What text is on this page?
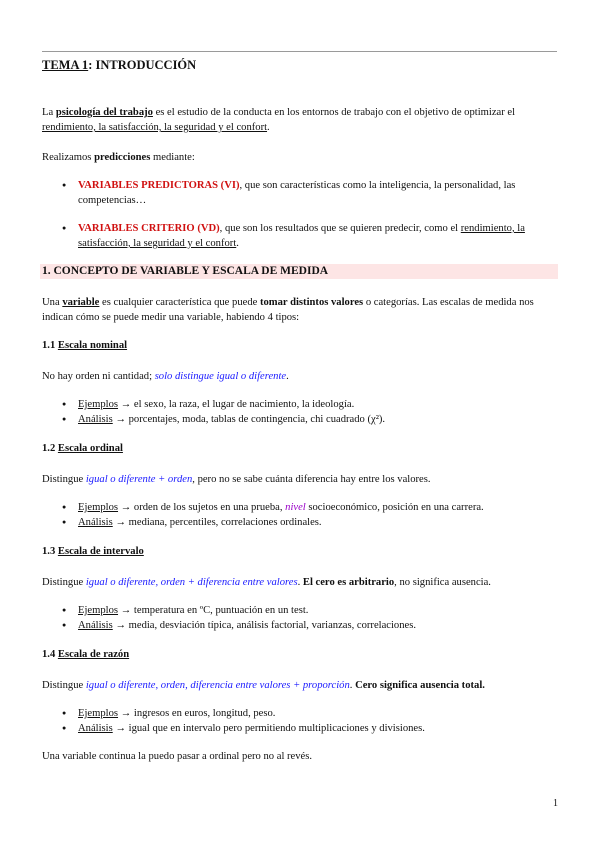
TEMA 1: INTRODUCCIÓN

La psicología del trabajo es el estudio de la conducta en los entornos de trabajo con el objetivo de optimizar el rendimiento, la satisfacción, la seguridad y el confort.

Realizamos predicciones mediante:

● VARIABLES PREDICTORAS (VI), que son características como la inteligencia, la personalidad, las competencias…
● VARIABLES CRITERIO (VD), que son los resultados que se quieren predecir, como el rendimiento, la satisfacción, la seguridad y el confort.
1. CONCEPTO DE VARIABLE Y ESCALA DE MEDIDA

Una variable es cualquier característica que puede tomar distintos valores o categorías. Las escalas de medida nos indican cómo se puede medir una variable, habiendo 4 tipos:

1.1 Escala nominal

No hay orden ni cantidad; solo distingue igual o diferente.

● Ejemplos → el sexo, la raza, el lugar de nacimiento, la ideología.
● Análisis → porcentajes, moda, tablas de contingencia, chi cuadrado (χ²).
1.2 Escala ordinal

Distingue igual o diferente + orden, pero no se sabe cuánta diferencia hay entre los valores.

● Ejemplos → orden de los sujetos en una prueba, nivel socioeconómico, posición en una carrera.
● Análisis → mediana, percentiles, correlaciones ordinales.
1.3 Escala de intervalo

Distingue igual o diferente, orden + diferencia entre valores. El cero es arbitrario, no significa ausencia.

● Ejemplos → temperatura en ºC, puntuación en un test.
● Análisis → media, desviación típica, análisis factorial, varianzas, correlaciones.
1.4 Escala de razón

Distingue igual o diferente, orden, diferencia entre valores + proporción. Cero significa ausencia total.

● Ejemplos → ingresos en euros, longitud, peso.
● Análisis → igual que en intervalo pero permitiendo multiplicaciones y divisiones.
Una variable continua la puedo pasar a ordinal pero no al revés.
1
